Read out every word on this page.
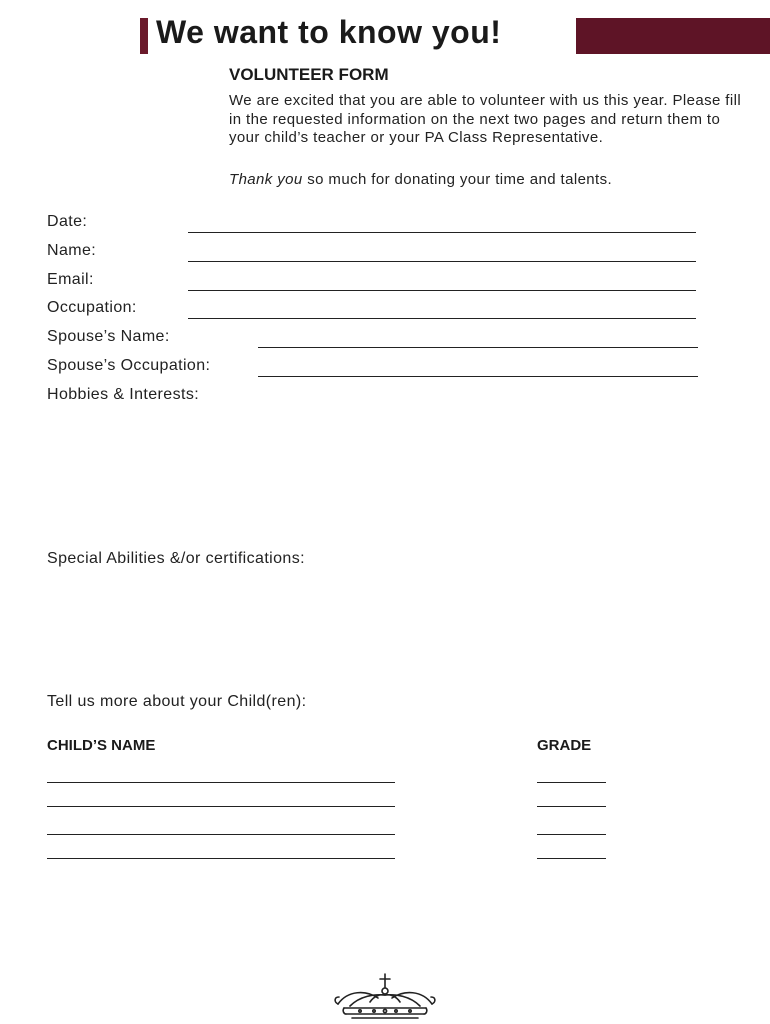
We want to know you!
VOLUNTEER FORM
We are excited that you are able to volunteer with us this year. Please fill in the requested information on the next two pages and return them to your child’s teacher or your PA Class Representative.
Thank you so much for donating your time and talents.
Date:
Name:
Email:
Occupation:
Spouse’s Name:
Spouse’s Occupation:
Hobbies & Interests:
Special Abilities &/or certifications:
Tell us more about your Child(ren):
CHILD’S NAME	GRADE
